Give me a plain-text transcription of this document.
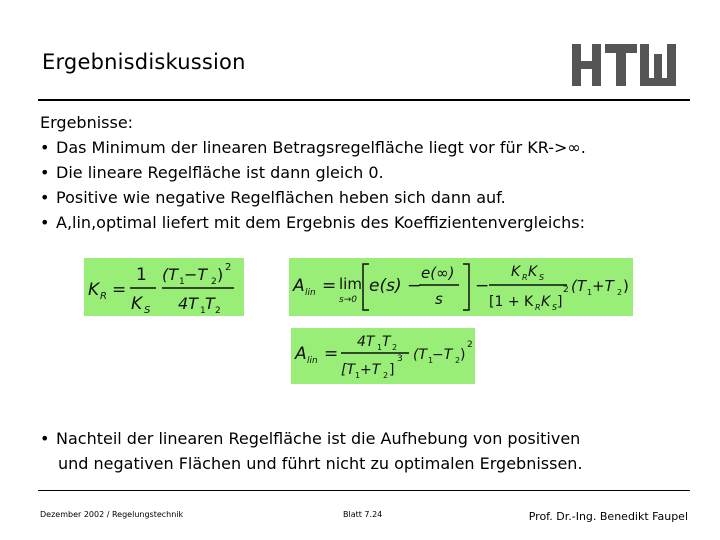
Ergebnisdiskussion
Ergebnisse:
• Das Minimum der linearen Betragsregelfläche liegt vor für KR->∞.
• Die lineare Regelfläche ist dann gleich 0.
• Positive wie negative Regelflächen heben sich dann auf.
• A,lin,optimal liefert mit dem Ergebnis des Koeffizientenvergleichs:
K R =
1
K S
(T 1 −T 2 ) 2
4T 1 T 2
A lin = lim
s→0
e(s) −
e(∞)
s
−
K R K S
[1 + K R K S ]
2 (T 1 +T 2 )
A lin =
4T 1 T 2
[T 1 +T 2 ]
3 (T 1
−T 2 )
2
• Nachteil der linearen Regelfläche ist die Aufhebung von positiven
und negativen Flächen und führt nicht zu optimalen Ergebnissen.
Dezember 2002 / Regelungstechnik	Blatt 7.24	Prof. Dr.-Ing. Benedikt Faupel
